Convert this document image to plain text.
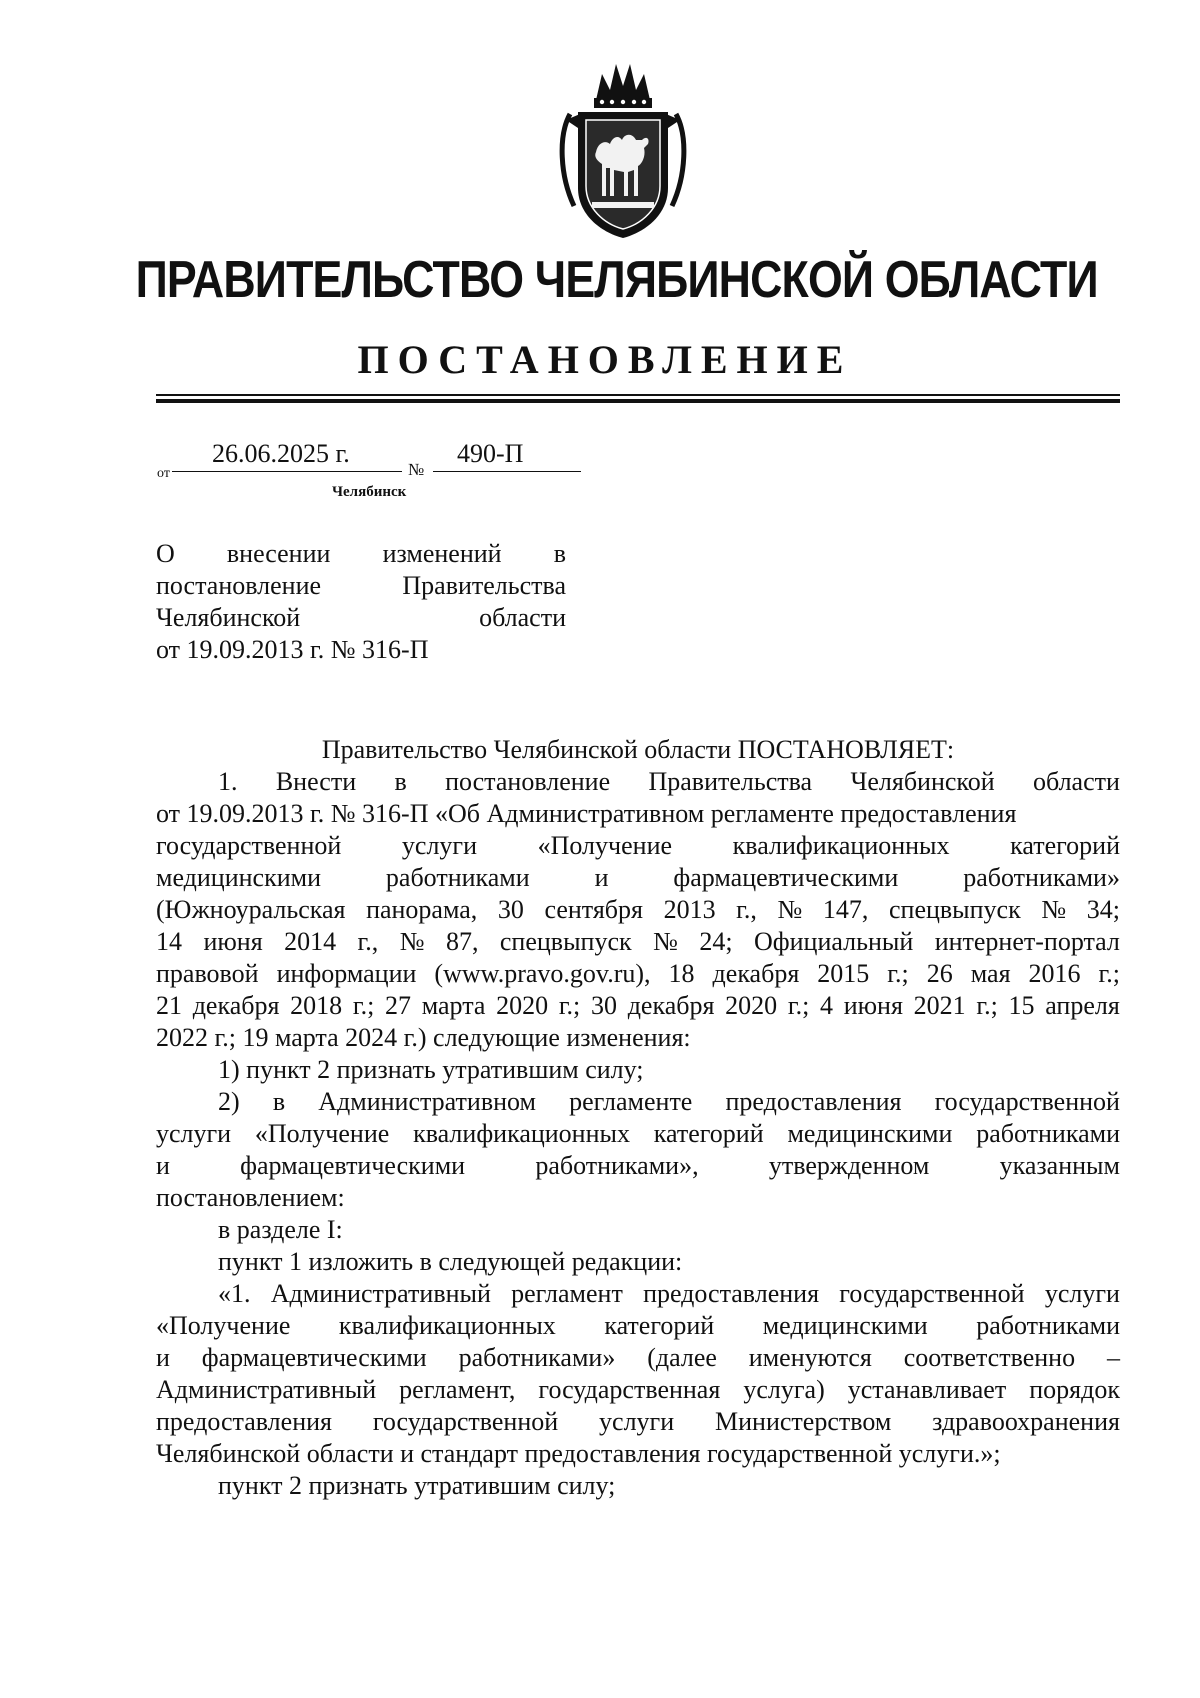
ПРАВИТЕЛЬСТВО ЧЕЛЯБИНСКОЙ ОБЛАСТИ
ПОСТАНОВЛЕНИЕ
от
26.06.2025 г.
№
490-П
Челябинск
О внесении изменений в
постановление	Правительства
Челябинской	области
от 19.09.2013 г. № 316-П
Правительство Челябинской области ПОСТАНОВЛЯЕТ:
1. Внести в постановление Правительства Челябинской области
от 19.09.2013 г. № 316-П «Об Административном регламенте предоставления
государственной услуги «Получение квалификационных категорий
медицинскими работниками и фармацевтическими работниками»
(Южноуральская панорама, 30 сентября 2013 г., № 147, спецвыпуск № 34;
14 июня 2014 г., № 87, спецвыпуск № 24; Официальный интернет-портал
правовой информации (www.pravo.gov.ru), 18 декабря 2015 г.; 26 мая 2016 г.;
21 декабря 2018 г.; 27 марта 2020 г.; 30 декабря 2020 г.; 4 июня 2021 г.; 15 апреля
2022 г.; 19 марта 2024 г.) следующие изменения:
1) пункт 2 признать утратившим силу;
2) в Административном регламенте предоставления государственной
услуги «Получение квалификационных категорий медицинскими работниками
и	фармацевтическими	работниками»,	утвержденном	указанным
постановлением:
в разделе I:
пункт 1 изложить в следующей редакции:
«1. Административный регламент предоставления государственной услуги
«Получение квалификационных категорий медицинскими работниками
и фармацевтическими работниками» (далее именуются соответственно –
Административный регламент, государственная услуга) устанавливает порядок
предоставления государственной услуги Министерством здравоохранения
Челябинской области и стандарт предоставления государственной услуги.»;
пункт 2 признать утратившим силу;
